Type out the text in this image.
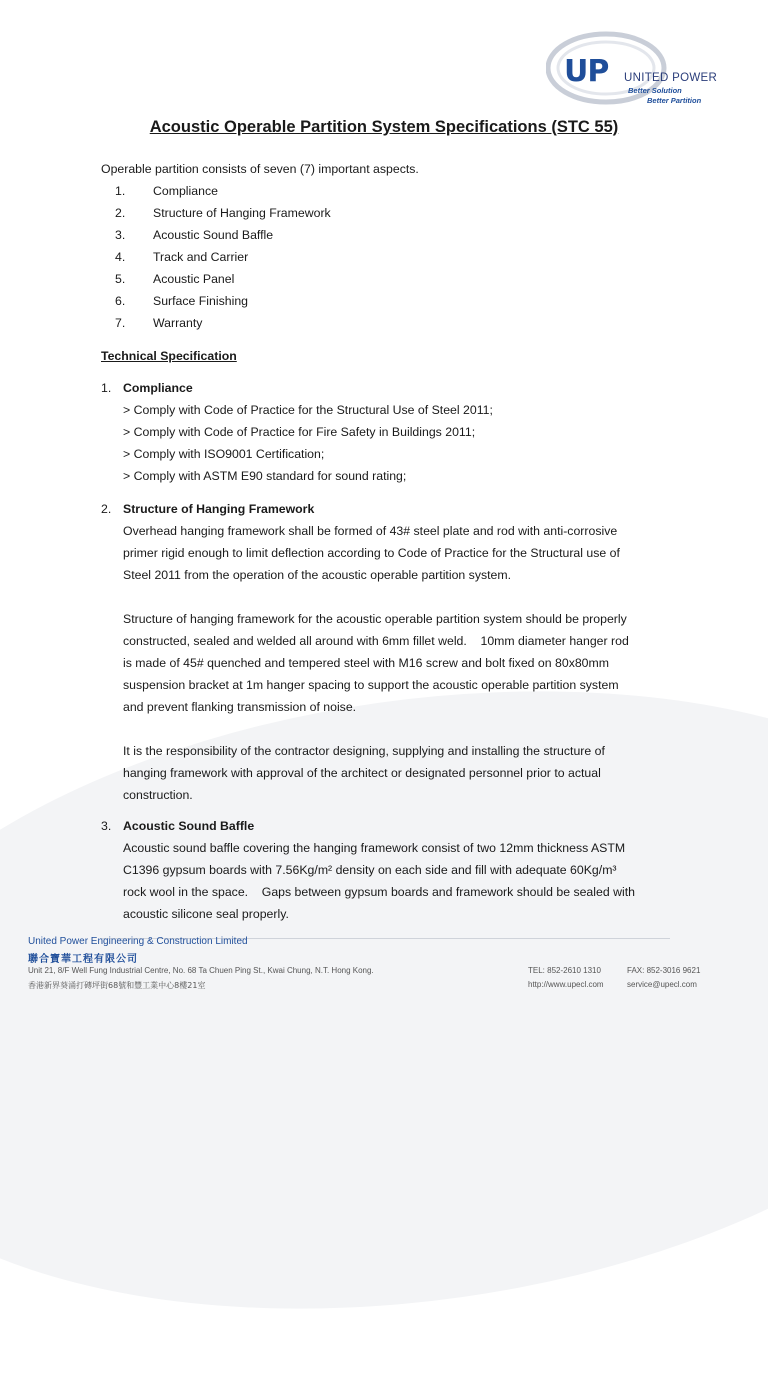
UP UNITED POWER
Better Solution
Better Partition
Acoustic Operable Partition System Specifications (STC 55)
Operable partition consists of seven (7) important aspects.
1. Compliance
2. Structure of Hanging Framework
3. Acoustic Sound Baffle
4. Track and Carrier
5. Acoustic Panel
6. Surface Finishing
7. Warranty
Technical Specification
1. Compliance
> Comply with Code of Practice for the Structural Use of Steel 2011;
> Comply with Code of Practice for Fire Safety in Buildings 2011;
> Comply with ISO9001 Certification;
> Comply with ASTM E90 standard for sound rating;
2. Structure of Hanging Framework
Overhead hanging framework shall be formed of 43# steel plate and rod with anti-corrosive
primer rigid enough to limit deflection according to Code of Practice for the Structural use of
Steel 2011 from the operation of the acoustic operable partition system.
Structure of hanging framework for the acoustic operable partition system should be properly
constructed, sealed and welded all around with 6mm fillet weld.    10mm diameter hanger rod
is made of 45# quenched and tempered steel with M16 screw and bolt fixed on 80x80mm
suspension bracket at 1m hanger spacing to support the acoustic operable partition system
and prevent flanking transmission of noise.
It is the responsibility of the contractor designing, supplying and installing the structure of
hanging framework with approval of the architect or designated personnel prior to actual
construction.
3. Acoustic Sound Baffle
Acoustic sound baffle covering the hanging framework consist of two 12mm thickness ASTM
C1396 gypsum boards with 7.56Kg/m² density on each side and fill with adequate 60Kg/m³
rock wool in the space.    Gaps between gypsum boards and framework should be sealed with
acoustic silicone seal properly.
United Power Engineering & Construction Limited
聯合寶華工程有限公司
Unit 21, 8/F Well Fung Industrial Centre, No. 68 Ta Chuen Ping St., Kwai Chung, N.T. Hong Kong.
香港新界葵涌打磚坪街68號和豐工業中心8樓21室
TEL: 852-2610 1310	FAX: 852-3016 9621
http://www.upecl.com	service@upecl.com
